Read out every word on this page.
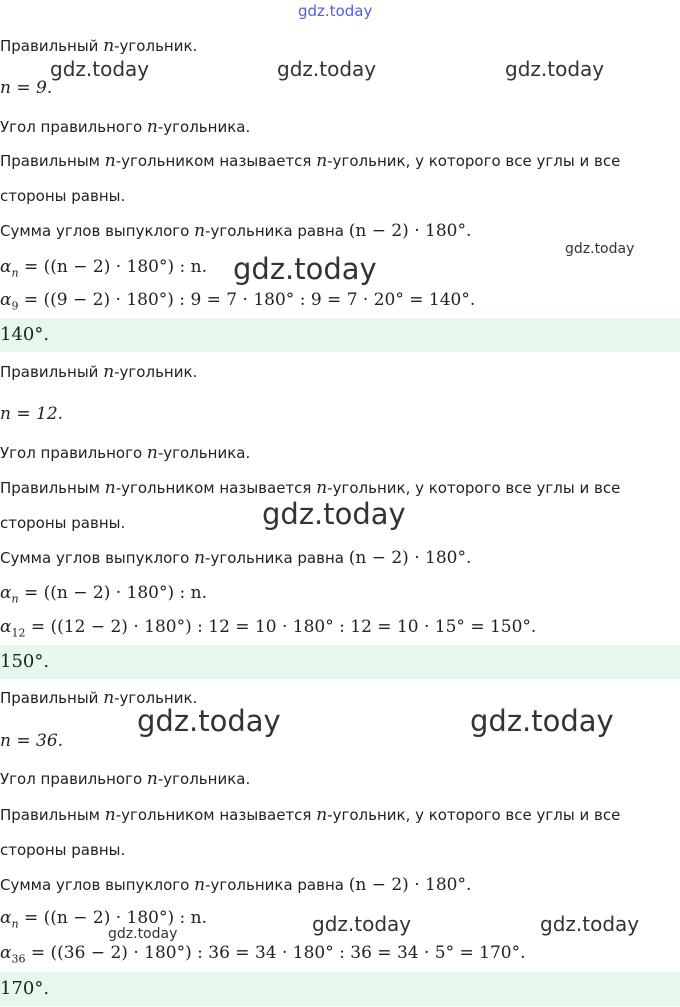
gdz.today
Правильный n-угольник.
n = 9.
Угол правильного n-угольника.
Правильным n-угольником называется n-угольник, у которого все углы и все
стороны равны.
Сумма углов выпуклого n-угольника равна (n − 2) · 180°.
$\alpha_n = ((n - 2) \cdot 180^\circ)$ : n.
$\alpha_9 = ((9 - 2) \cdot 180^\circ)$ : 9 = 7 · 180° : 9 = 7 · 20° = 140°.
140°.
Правильный n-угольник.
n = 12.
Угол правильного n-угольника.
Правильным n-угольником называется n-угольник, у которого все углы и все
стороны равны.
Сумма углов выпуклого n-угольника равна (n − 2) · 180°.
$\alpha_n = ((n - 2) \cdot 180^\circ)$ : n.
$\alpha_{12} = ((12 - 2) \cdot 180^\circ)$ : 12 = 10 · 180° : 12 = 10 · 15° = 150°.
150°.
Правильный n-угольник.
n = 36.
Угол правильного n-угольника.
Правильным n-угольником называется n-угольник, у которого все углы и все
стороны равны.
Сумма углов выпуклого n-угольника равна (n − 2) · 180°.
$\alpha_n = ((n - 2) \cdot 180^\circ)$ : n.
$\alpha_{36} = ((36 - 2) \cdot 180^\circ)$ : 36 = 34 · 180° : 36 = 34 · 5° = 170°.
170°.
gdz.today	gdz.today	gdz.today
gdz.today
gdz.today
gdz.today
gdz.today	gdz.today
gdz.today	gdz.today
gdz.today
